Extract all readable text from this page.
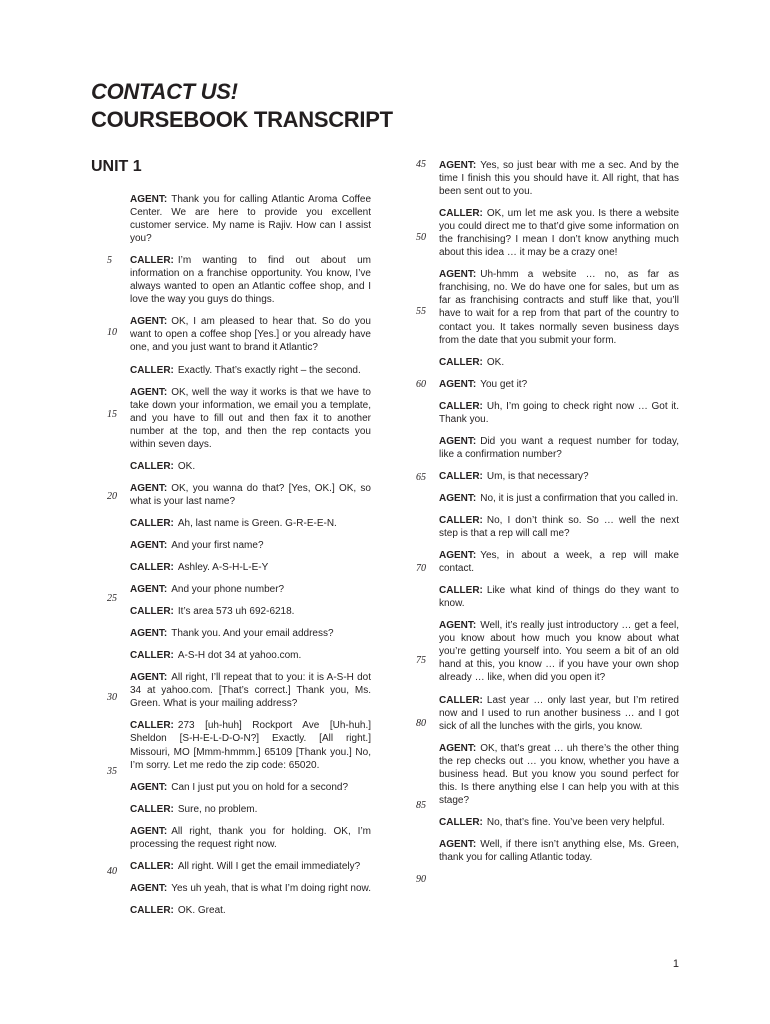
CONTACT US!
COURSEBOOK TRANSCRIPT
UNIT 1

AGENT: Thank you for calling Atlantic Aroma Coffee Center. We are here to provide you excellent customer service. My name is Rajiv. How can I assist you?

CALLER: I’m wanting to find out about um information on a franchise opportunity. You know, I’ve always wanted to open an Atlantic coffee shop, and I love the way you guys do things.

AGENT: OK, I am pleased to hear that. So do you want to open a coffee shop [Yes.] or you already have one, and you just want to brand it Atlantic?

CALLER: Exactly. That’s exactly right – the second.

AGENT: OK, well the way it works is that we have to take down your information, we email you a template, and you have to fill out and then fax it to another number at the top, and then the rep contacts you within seven days.

CALLER: OK.

AGENT: OK, you wanna do that? [Yes, OK.] OK, so what is your last name?

CALLER: Ah, last name is Green. G-R-E-E-N.

AGENT: And your first name?

CALLER: Ashley. A-S-H-L-E-Y

AGENT: And your phone number?

CALLER: It’s area 573 uh 692-6218.

AGENT: Thank you. And your email address?

CALLER: A-S-H dot 34 at yahoo.com.

AGENT: All right, I’ll repeat that to you: it is A-S-H dot 34 at yahoo.com. [That’s correct.] Thank you, Ms. Green. What is your mailing address?

CALLER: 273 [uh-huh] Rockport Ave [Uh-huh.] Sheldon [S-H-E-L-D-O-N?] Exactly. [All right.] Missouri, MO [Mmm-hmmm.] 65109 [Thank you.] No, I’m sorry. Let me redo the zip code: 65020.

AGENT: Can I just put you on hold for a second?

CALLER: Sure, no problem.

AGENT: All right, thank you for holding. OK, I’m processing the request right now.

CALLER: All right. Will I get the email immediately?

AGENT: Yes uh yeah, that is what I’m doing right now.

CALLER: OK. Great.

AGENT: Yes, so just bear with me a sec. And by the time I finish this you should have it. All right, that has been sent out to you.

CALLER: OK, um let me ask you. Is there a website you could direct me to that’d give some information on the franchising? I mean I don’t know anything much about this idea … it may be a crazy one!

AGENT: Uh-hmm a website … no, as far as franchising, no. We do have one for sales, but um as far as franchising contracts and stuff like that, you’ll have to wait for a rep from that part of the country to contact you. It takes normally seven business days from the date that you submit your form.

CALLER: OK.

AGENT: You get it?

CALLER: Uh, I’m going to check right now … Got it. Thank you.

AGENT: Did you want a request number for today, like a confirmation number?

CALLER: Um, is that necessary?

AGENT: No, it is just a confirmation that you called in.

CALLER: No, I don’t think so. So … well the next step is that a rep will call me?

AGENT: Yes, in about a week, a rep will make contact.

CALLER: Like what kind of things do they want to know.

AGENT: Well, it’s really just introductory … get a feel, you know about how much you know about what you’re getting yourself into. You seem a bit of an old hand at this, you know … if you have your own shop already … like, when did you open it?

CALLER: Last year … only last year, but I’m retired now and I used to run another business … and I got sick of all the lunches with the girls, you know.

AGENT: OK, that’s great … uh there’s the other thing the rep checks out … you know, whether you have a business head. But you know you sound perfect for this. Is there anything else I can help you with at this stage?

CALLER: No, that’s fine. You’ve been very helpful.

AGENT: Well, if there isn’t anything else, Ms. Green, thank you for calling Atlantic today.

5
10
15
20
25
30
35
40
45
50
55
60
65
70
75
80
85
90
1
